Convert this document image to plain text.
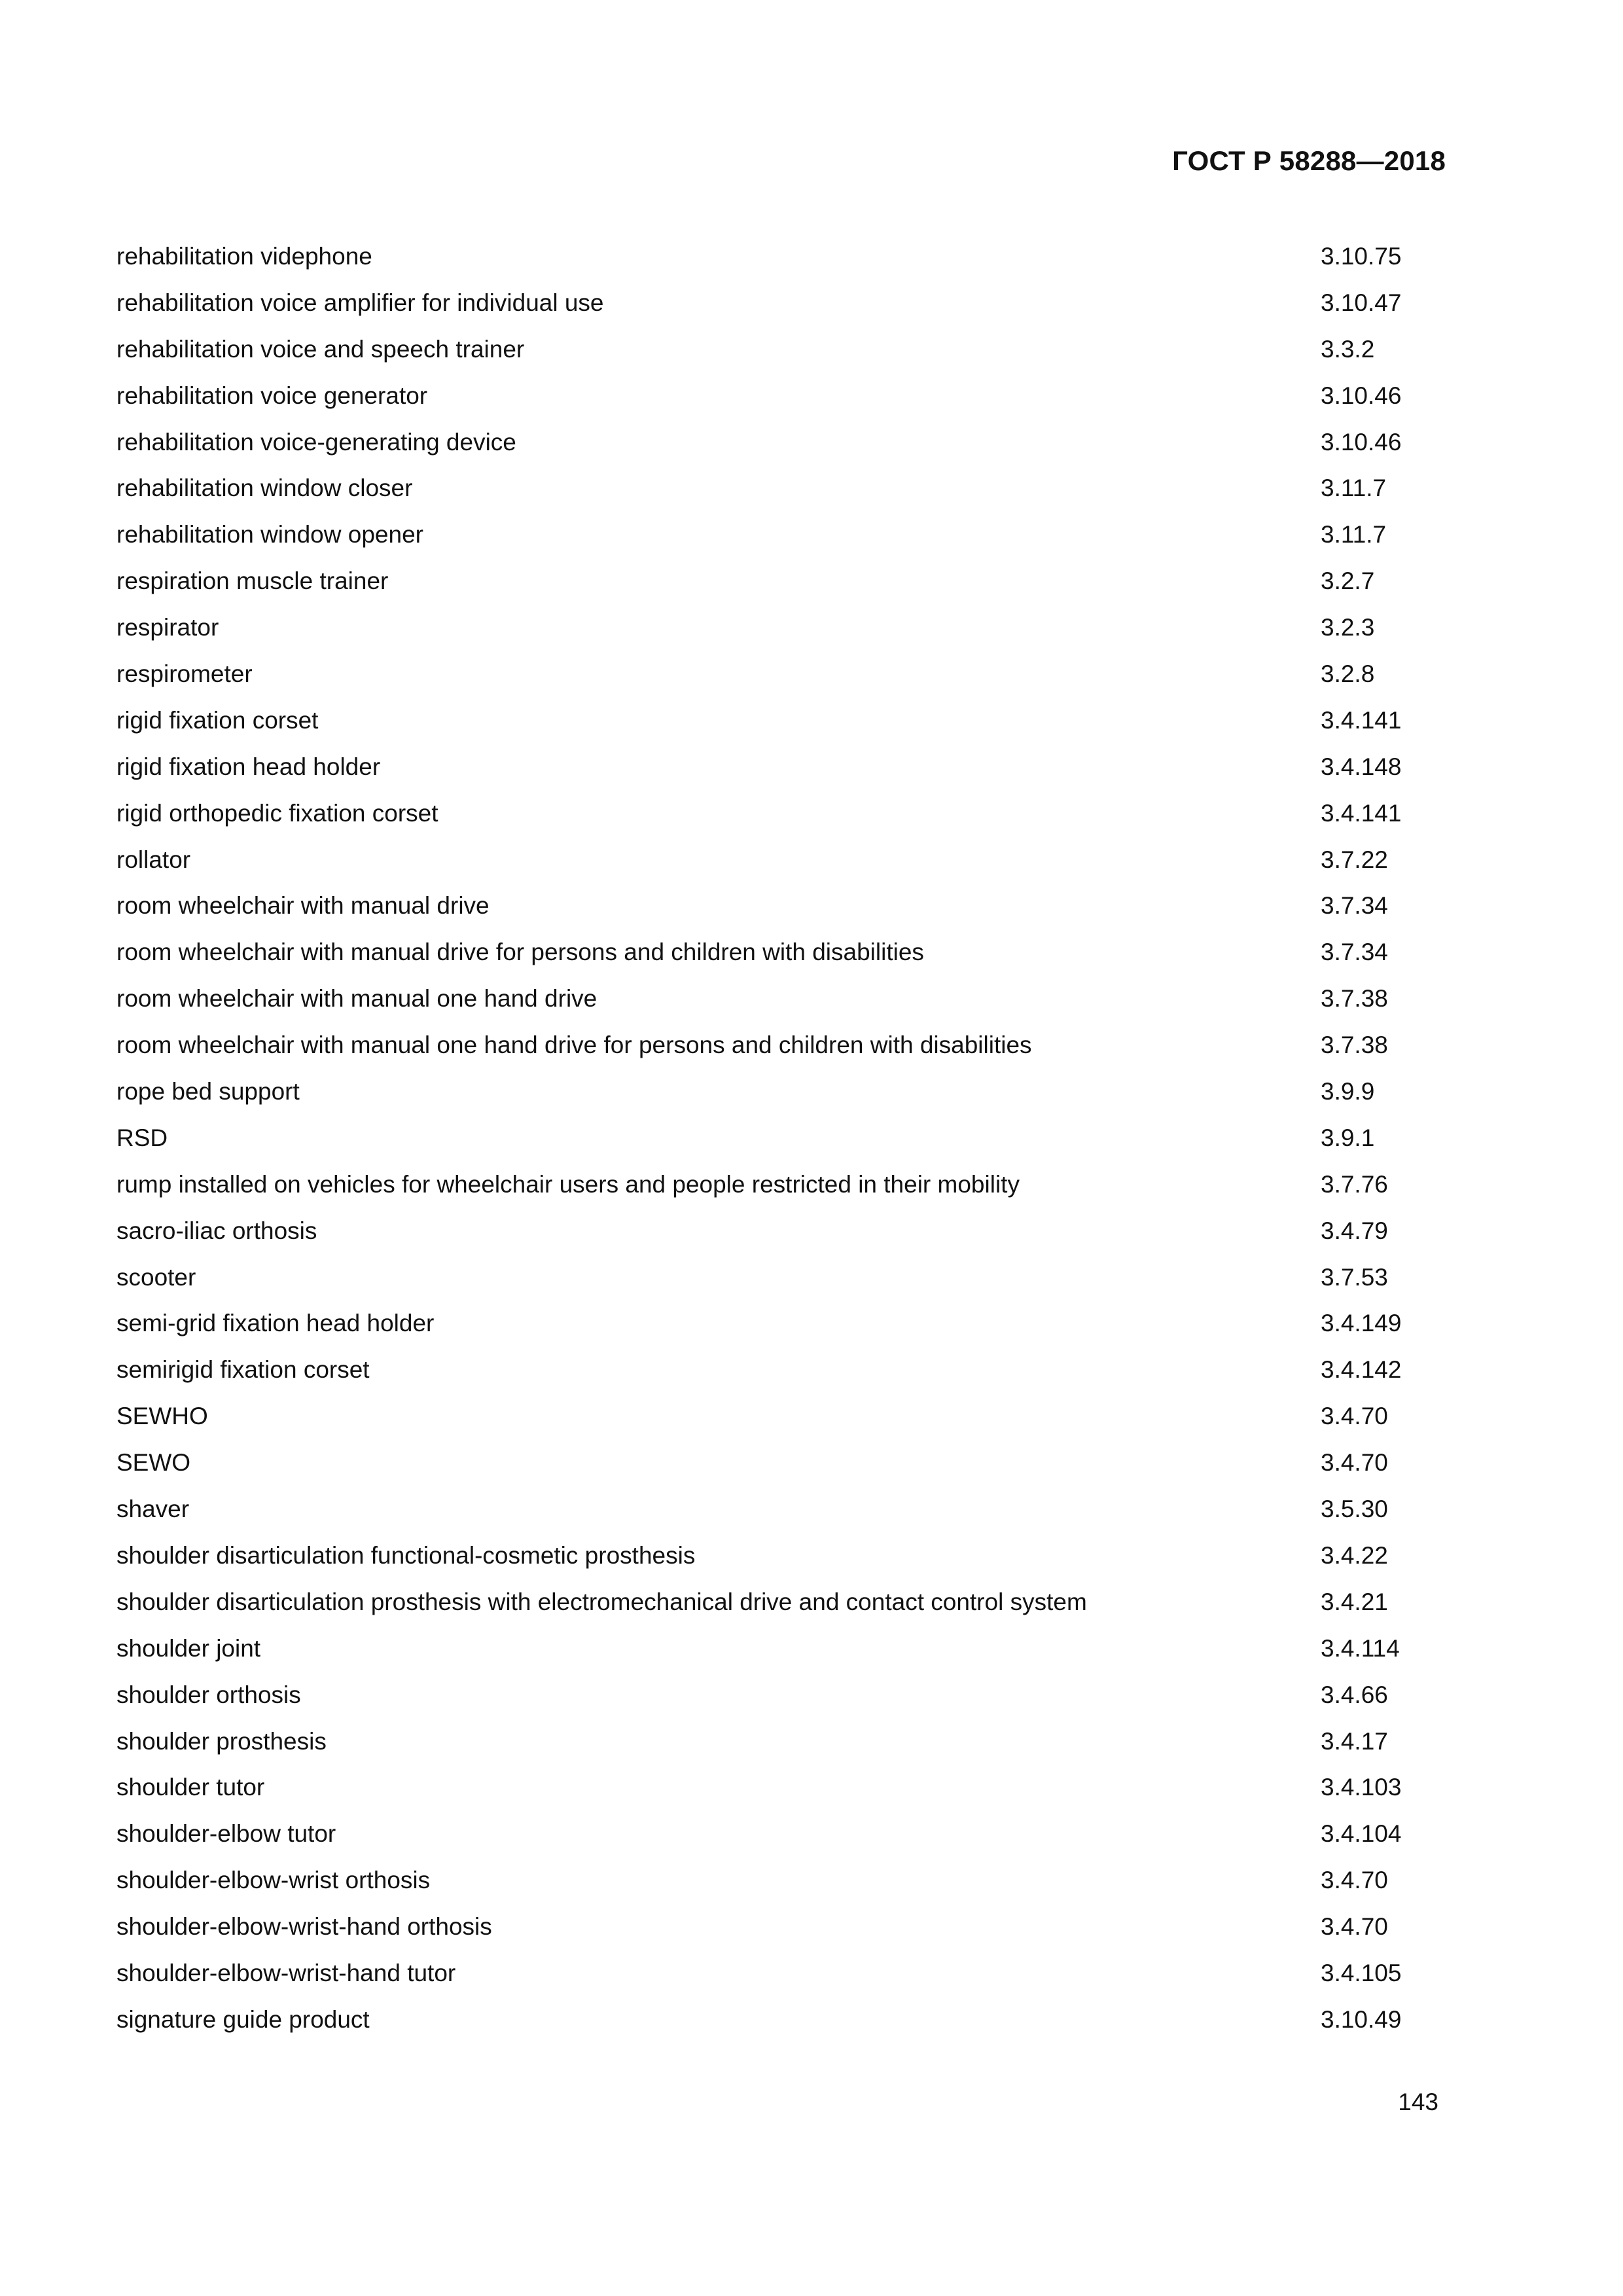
ГОСТ Р 58288—2018
rehabilitation videphone	3.10.75
rehabilitation voice amplifier for individual use	3.10.47
rehabilitation voice and speech trainer	3.3.2
rehabilitation voice generator	3.10.46
rehabilitation voice-generating device	3.10.46
rehabilitation window closer	3.11.7
rehabilitation window opener	3.11.7
respiration muscle trainer	3.2.7
respirator	3.2.3
respirometer	3.2.8
rigid fixation corset	3.4.141
rigid fixation head holder	3.4.148
rigid orthopedic fixation corset	3.4.141
rollator	3.7.22
room wheelchair with manual drive	3.7.34
room wheelchair with manual drive for persons and children with disabilities	3.7.34
room wheelchair with manual one hand drive	3.7.38
room wheelchair with manual one hand drive for persons and children with disabilities	3.7.38
rope bed support	3.9.9
RSD	3.9.1
rump installed on vehicles for wheelchair users and people restricted in their mobility	3.7.76
sacro-iliac orthosis	3.4.79
scooter	3.7.53
semi-grid fixation head holder	3.4.149
semirigid fixation corset	3.4.142
SEWHO	3.4.70
SEWO	3.4.70
shaver	3.5.30
shoulder disarticulation functional-cosmetic prosthesis	3.4.22
shoulder disarticulation prosthesis with electromechanical drive and contact control system	3.4.21
shoulder joint	3.4.114
shoulder orthosis	3.4.66
shoulder prosthesis	3.4.17
shoulder tutor	3.4.103
shoulder-elbow tutor	3.4.104
shoulder-elbow-wrist orthosis	3.4.70
shoulder-elbow-wrist-hand orthosis	3.4.70
shoulder-elbow-wrist-hand tutor	3.4.105
signature guide product	3.10.49
143
